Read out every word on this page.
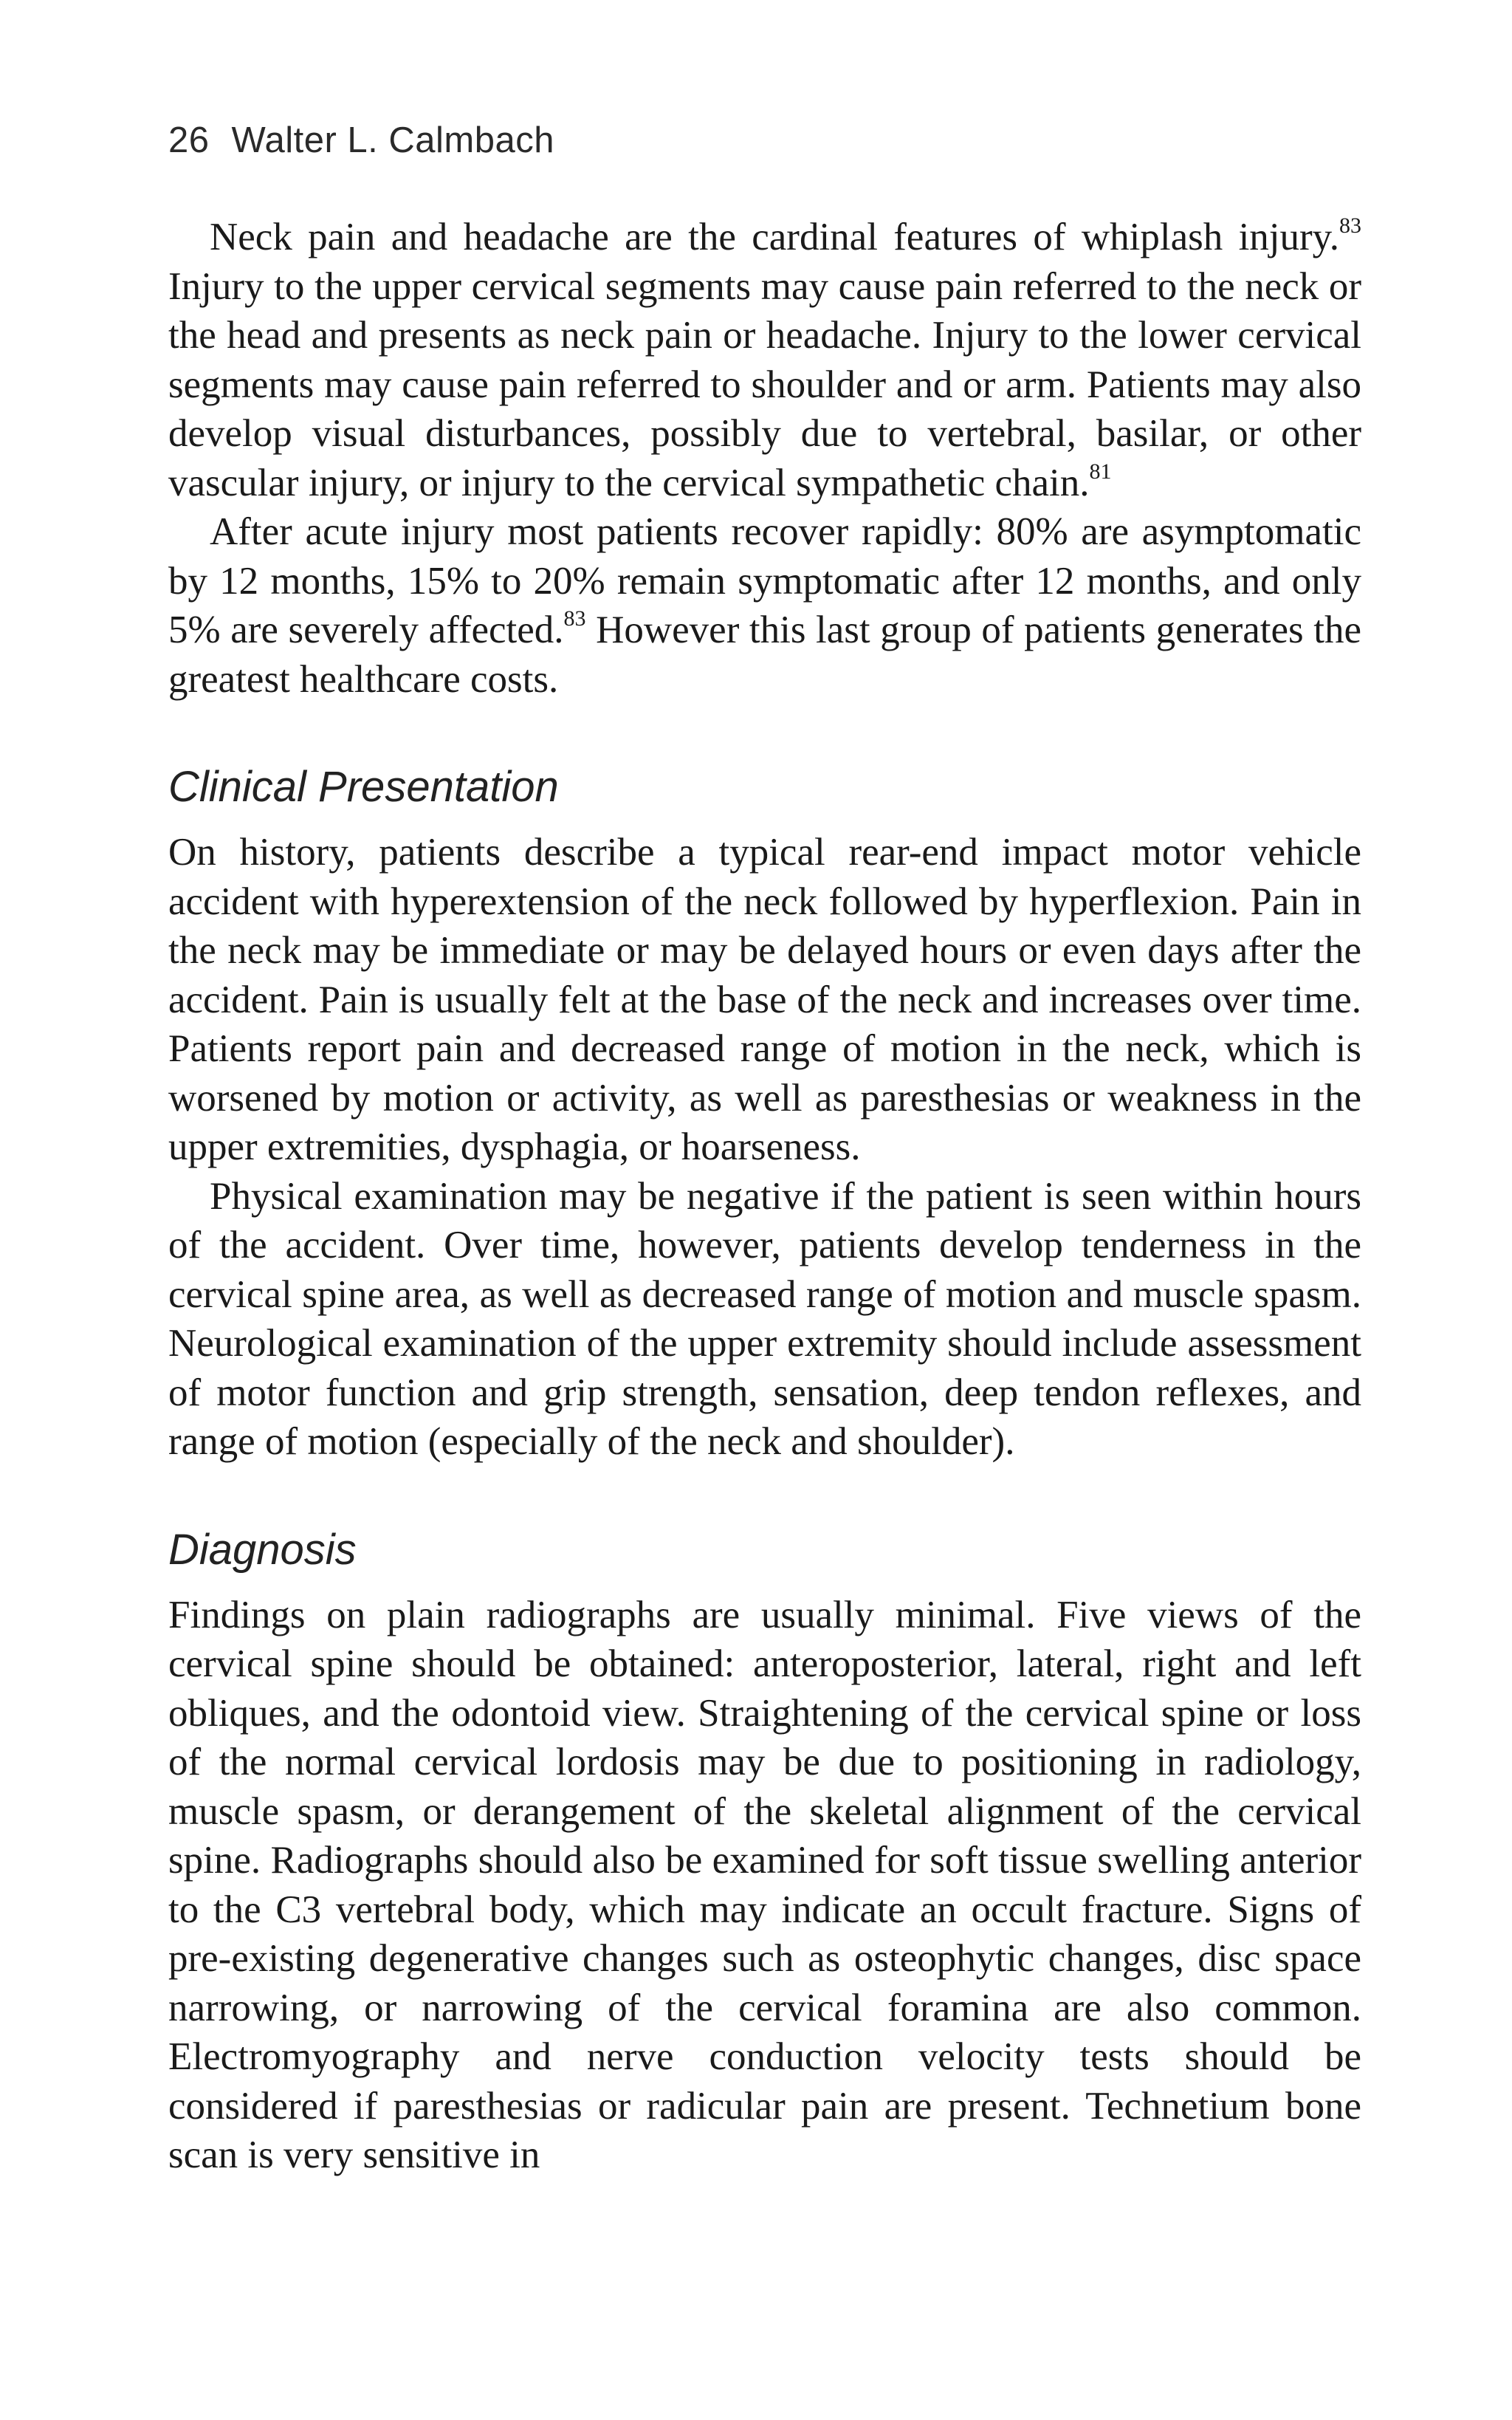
26 Walter L. Calmbach

Neck pain and headache are the cardinal features of whiplash injury.$^{83}$ Injury to the upper cervical segments may cause pain referred to the neck or the head and presents as neck pain or headache. Injury to the lower cervical segments may cause pain referred to shoulder and or arm. Patients may also develop visual disturbances, possibly due to vertebral, basilar, or other vascular injury, or injury to the cervical sympathetic chain.$^{81}$

After acute injury most patients recover rapidly: 80% are asymptomatic by 12 months, 15% to 20% remain symptomatic after 12 months, and only 5% are severely affected.$^{83}$ However this last group of patients generates the greatest healthcare costs.

Clinical Presentation

On history, patients describe a typical rear-end impact motor vehicle accident with hyperextension of the neck followed by hyperflexion. Pain in the neck may be immediate or may be delayed hours or even days after the accident. Pain is usually felt at the base of the neck and increases over time. Patients report pain and decreased range of motion in the neck, which is worsened by motion or activity, as well as paresthesias or weakness in the upper extremities, dysphagia, or hoarseness.

Physical examination may be negative if the patient is seen within hours of the accident. Over time, however, patients develop tenderness in the cervical spine area, as well as decreased range of motion and muscle spasm. Neurological examination of the upper extremity should include assessment of motor function and grip strength, sensation, deep tendon reflexes, and range of motion (especially of the neck and shoulder).

Diagnosis

Findings on plain radiographs are usually minimal. Five views of the cervical spine should be obtained: anteroposterior, lateral, right and left obliques, and the odontoid view. Straightening of the cervical spine or loss of the normal cervical lordosis may be due to positioning in radiology, muscle spasm, or derangement of the skeletal alignment of the cervical spine. Radiographs should also be examined for soft tissue swelling anterior to the C3 vertebral body, which may indicate an occult fracture. Signs of pre-existing degenerative changes such as osteophytic changes, disc space narrowing, or narrowing of the cervical foramina are also common. Electromyography and nerve conduction velocity tests should be considered if paresthesias or radicular pain are present. Technetium bone scan is very sensitive in
